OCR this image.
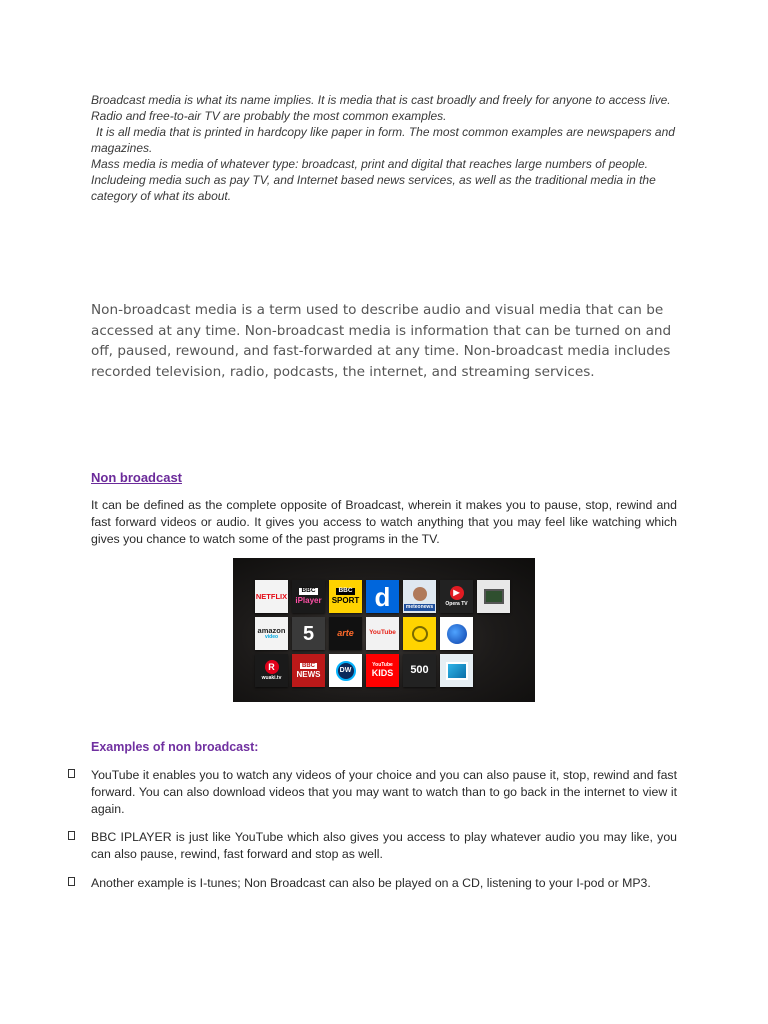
Broadcast media is what its name implies. It is media that is cast broadly and freely for anyone to access live. Radio and free-to-air TV are probably the most common examples.

It is all media that is printed in hardcopy like paper in form. The most common examples are newspapers and magazines.

Mass media is media of whatever type: broadcast, print and digital that reaches large numbers of people. Includeing media such as pay TV, and Internet based news services, as well as the traditional media in the category of what its about.

Non-broadcast media is a term used to describe audio and visual media that can be accessed at any time. Non-broadcast media is information that can be turned on and off, paused, rewound, and fast-forwarded at any time. Non-broadcast media includes recorded television, radio, podcasts, the internet, and streaming services.

Non broadcast

It can be defined as the complete opposite of Broadcast, wherein it makes you to pause, stop, rewind and fast forward videos or audio. It gives you access to watch anything that you may feel like watching which gives you chance to watch some of the past programs in the TV.

NETFLIX
BBC
iPlayer
BBC
SPORT d	meteonews
▶
Opera TV
amazon
video	5	arte	YouTube
R
wuaki.tv
BBC
NEWS	DW
YouTube
KIDS	500

Examples of non broadcast:

YouTube it enables you to watch any videos of your choice and you can also pause it, stop, rewind and fast forward. You can also download videos that you may want to watch than to go back in the internet to view it again.

BBC IPLAYER is just like YouTube which also gives you access to play whatever audio you may like, you can also pause, rewind, fast forward and stop as well.

Another example is I-tunes; Non Broadcast can also be played on a CD, listening to your I-pod or MP3.
